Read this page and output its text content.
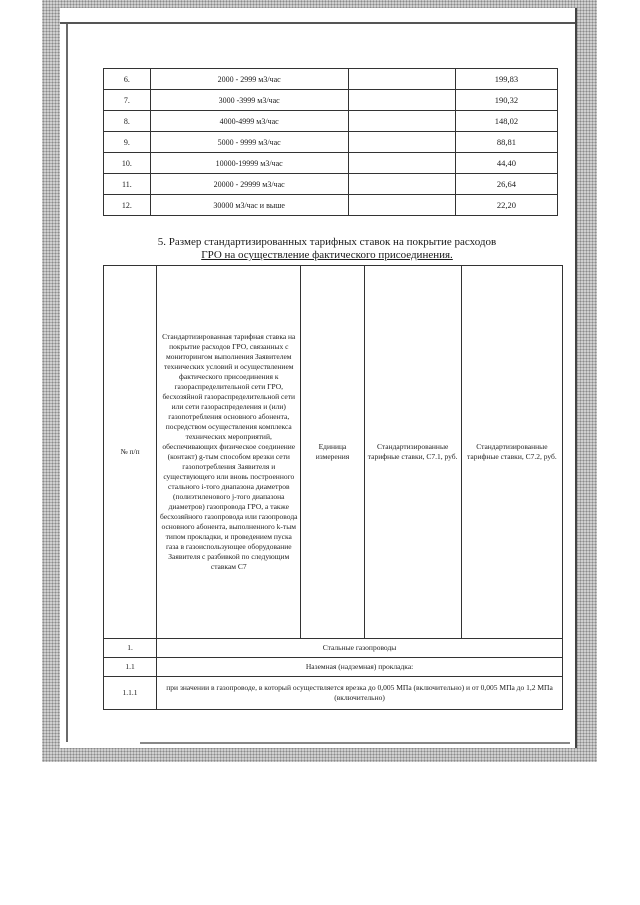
6.	2000 - 2999 м3/час		199,83
7.	3000 -3999 м3/час		190,32
8.	4000-4999 м3/час		148,02
9.	5000 - 9999 м3/час		88,81
10.	10000-19999 м3/час		44,40
11.	20000 - 29999 м3/час		26,64
12.	30000 м3/час и выше		22,20
5. Размер стандартизированных тарифных ставок на покрытие расходов
ГРО на осуществление фактического присоединения.
№ п/п	Стандартизированная тарифная ставка на покрытие расходов ГРО, связанных с мониторингом выполнения Заявителем технических условий и осуществлением фактического присоединения к газораспределительной сети ГРО, бесхозяйной газораспределительной сети или сети газораспределения и (или) газопотребления основного абонента, посредством осуществления комплекса технических мероприятий, обеспечивающих физическое соединение (контакт) g-тым способом врезки сети газопотребления Заявителя и существующего или вновь построенного стального i-того диапазона диаметров (полиэтиленового j-того диапазона диаметров) газопровода ГРО, а также бесхозяйного газопровода или газопровода основного абонента, выполненного k-тым типом прокладки, и проведением пуска газа в газоиспользующее оборудование Заявителя с разбивкой по следующим ставкам С7	Единица измерения	Стандартизированные тарифные ставки, С7.1, руб.	Стандартизированные тарифные ставки, С7.2, руб.
1.	Стальные газопроводы			
1.1	Наземная (надземная) прокладка:			
1.1.1	при значении в газопроводе, в который осуществляется врезка до 0,005 МПа (включительно) и от 0,005 МПа до 1,2 МПа (включительно)			
